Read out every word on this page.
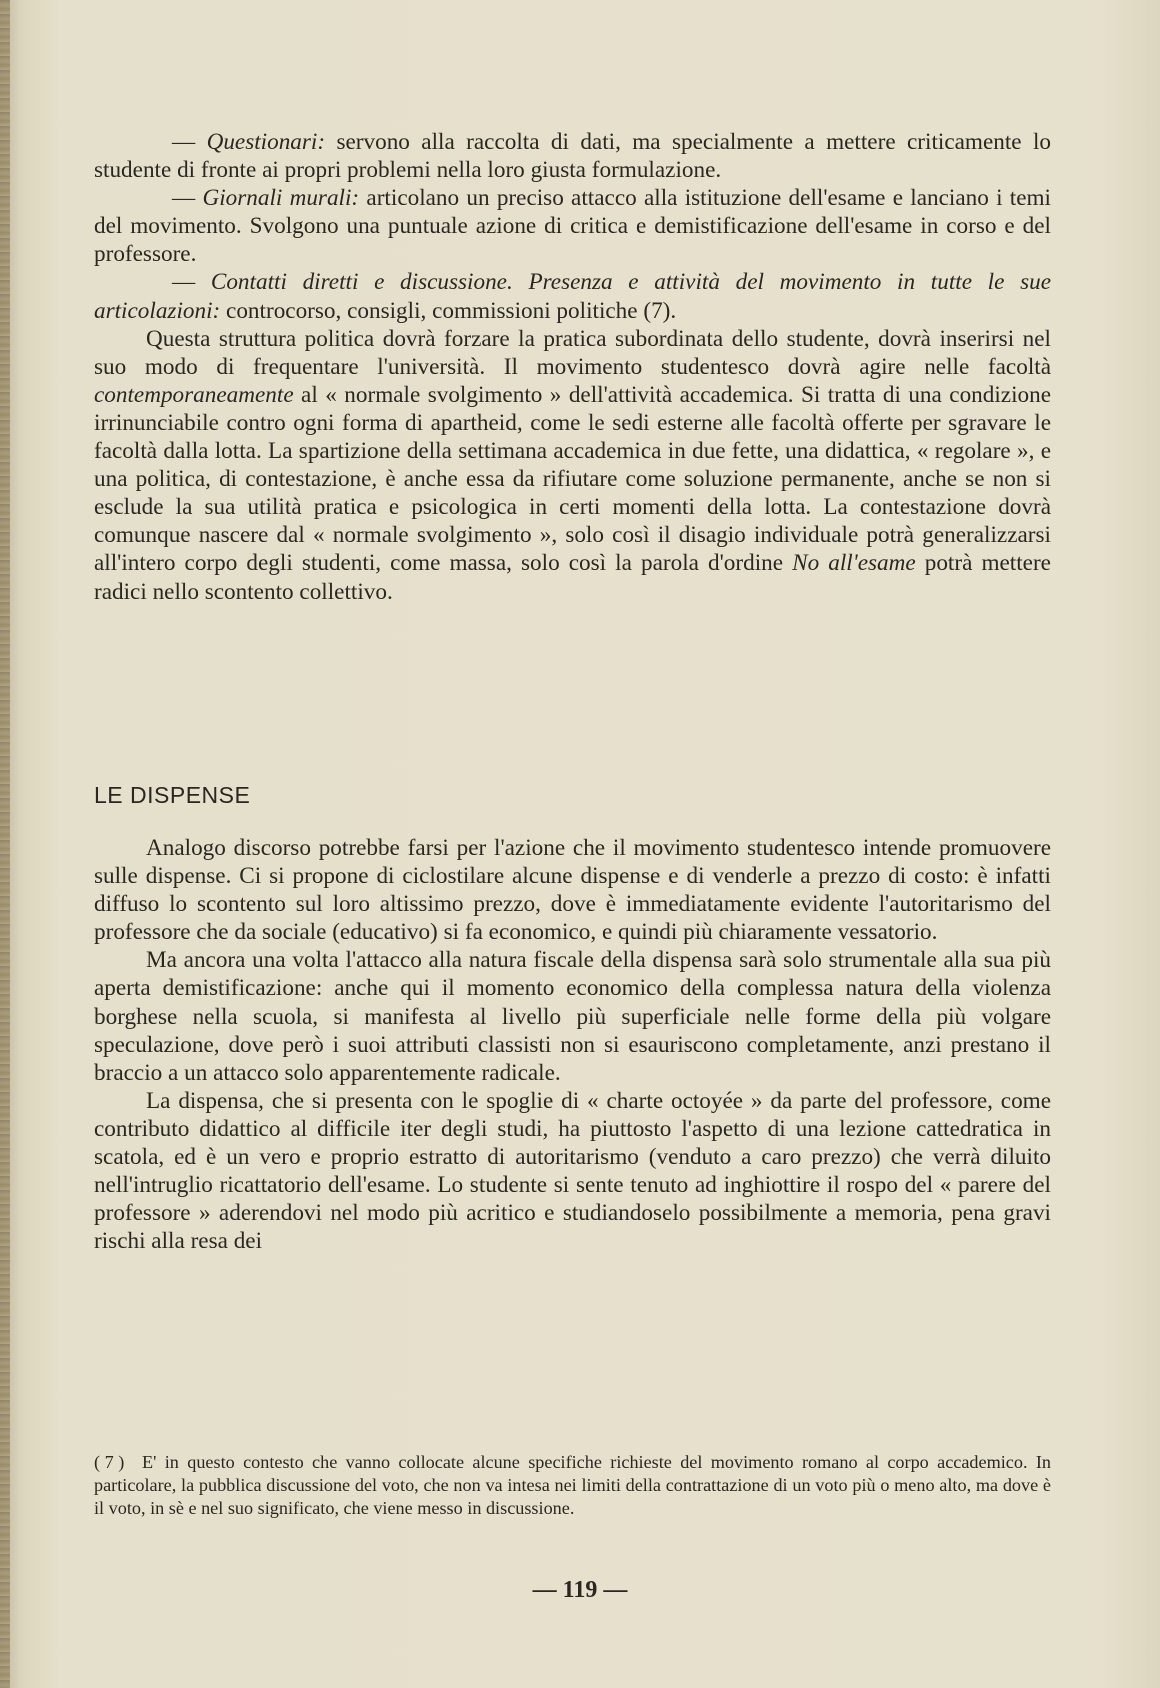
— Questionari: servono alla raccolta di dati, ma specialmente a mettere criticamente lo studente di fronte ai propri problemi nella loro giusta formulazione.

— Giornali murali: articolano un preciso attacco alla istituzione dell'esame e lanciano i temi del movimento. Svolgono una puntuale azione di critica e demistificazione dell'esame in corso e del professore.

— Contatti diretti e discussione. Presenza e attività del movimento in tutte le sue articolazioni: controcorso, consigli, commissioni politiche (7).

Questa struttura politica dovrà forzare la pratica subordinata dello studente, dovrà inserirsi nel suo modo di frequentare l'università. Il movimento studentesco dovrà agire nelle facoltà contemporaneamente al « normale svolgimento » dell'attività accademica. Si tratta di una condizione irrinunciabile contro ogni forma di apartheid, come le sedi esterne alle facoltà offerte per sgravare le facoltà dalla lotta. La spartizione della settimana accademica in due fette, una didattica, « regolare », e una politica, di contestazione, è anche essa da rifiutare come soluzione permanente, anche se non si esclude la sua utilità pratica e psicologica in certi momenti della lotta. La contestazione dovrà comunque nascere dal « normale svolgimento », solo così il disagio individuale potrà generalizzarsi all'intero corpo degli studenti, come massa, solo così la parola d'ordine No all'esame potrà mettere radici nello scontento collettivo.

LE DISPENSE

Analogo discorso potrebbe farsi per l'azione che il movimento studentesco intende promuovere sulle dispense. Ci si propone di ciclostilare alcune dispense e di venderle a prezzo di costo: è infatti diffuso lo scontento sul loro altissimo prezzo, dove è immediatamente evidente l'autoritarismo del professore che da sociale (educativo) si fa economico, e quindi più chiaramente vessatorio.

Ma ancora una volta l'attacco alla natura fiscale della dispensa sarà solo strumentale alla sua più aperta demistificazione: anche qui il momento economico della complessa natura della violenza borghese nella scuola, si manifesta al livello più superficiale nelle forme della più volgare speculazione, dove però i suoi attributi classisti non si esauriscono completamente, anzi prestano il braccio a un attacco solo apparentemente radicale.

La dispensa, che si presenta con le spoglie di « charte octoyée » da parte del professore, come contributo didattico al difficile iter degli studi, ha piuttosto l'aspetto di una lezione cattedratica in scatola, ed è un vero e proprio estratto di autoritarismo (venduto a caro prezzo) che verrà diluito nell'intruglio ricattatorio dell'esame. Lo studente si sente tenuto ad inghiottire il rospo del « parere del professore » aderendovi nel modo più acritico e studiandoselo possibilmente a memoria, pena gravi rischi alla resa dei

( 7 ) E' in questo contesto che vanno collocate alcune specifiche richieste del movimento romano al corpo accademico. In particolare, la pubblica discussione del voto, che non va intesa nei limiti della contrattazione di un voto più o meno alto, ma dove è il voto, in sè e nel suo significato, che viene messo in discussione.
— 119 —
